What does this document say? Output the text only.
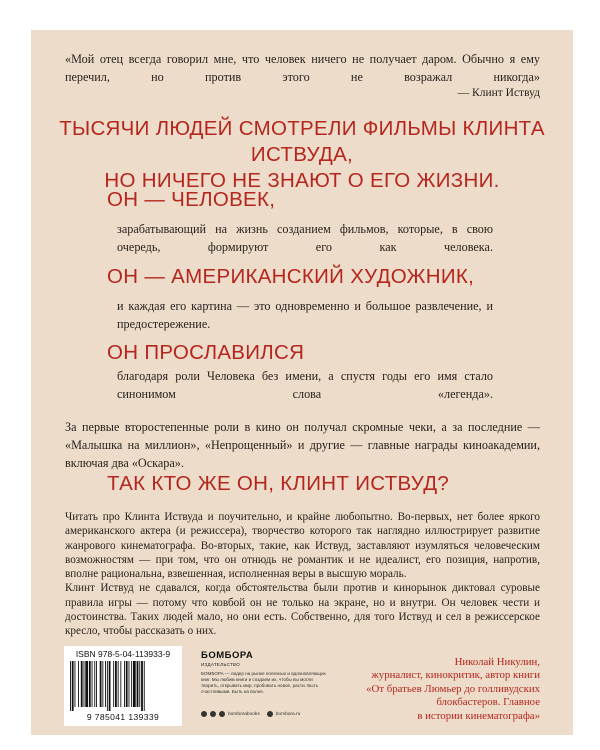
«Мой отец всегда говорил мне, что человек ничего не получает даром. Обычно я ему перечил, но против этого не возражал никогда»
— Клинт Иствуд
ТЫСЯЧИ ЛЮДЕЙ СМОТРЕЛИ ФИЛЬМЫ КЛИНТА ИСТВУДА,
НО НИЧЕГО НЕ ЗНАЮТ О ЕГО ЖИЗНИ.
ОН — ЧЕЛОВЕК,
зарабатывающий на жизнь созданием фильмов, которые, в свою очередь, формируют его как человека.
ОН — АМЕРИКАНСКИЙ ХУДОЖНИК,
и каждая его картина — это одновременно и большое развлечение, и предостережение.
ОН ПРОСЛАВИЛСЯ
благодаря роли Человека без имени, а спустя годы его имя стало синонимом слова «легенда».
За первые второстепенные роли в кино он получал скромные чеки, а за последние — «Малышка на миллион», «Непрощенный» и другие — главные награды киноакадемии, включая два «Оскара».
ТАК КТО ЖЕ ОН, КЛИНТ ИСТВУД?

Читать про Клинта Иствуда и поучительно, и крайне любопытно. Во-первых, нет более яркого американского актера (и режиссера), творчество которого так наглядно иллюстрирует развитие жанрового кинематографа. Во-вторых, такие, как Иствуд, заставляют изумляться человеческим возможностям — при том, что он отнюдь не романтик и не идеалист, его позиция, напротив, вполне рациональна, взвешенная, исполненная веры в высшую мораль.

Клинт Иствуд не сдавался, когда обстоятельства были против и кинорынок диктовал суровые правила игры — потому что ковбой он не только на экране, но и внутри. Он человек чести и достоинства. Таких людей мало, но они есть. Собственно, для того Иствуд и сел в режиссерское кресло, чтобы рассказать о них.

ISBN 978-5-04-113933-9
9 785041 139339
БОМБОРА
ИЗДАТЕЛЬСТВО
БОМБОРА — лидер на рынке полезных и вдохновляющих книг. Мы любим книги и создаем их, чтобы вы могли творить, открывать мир, пробовать новое, расти. Быть счастливыми. Быть на волне.
bomborabooks	bombora.ru
Николай Никулин,
журналист, кинокритик, автор книги
«От братьев Люмьер до голливудских
блокбастеров. Главное
в истории кинематографа»
